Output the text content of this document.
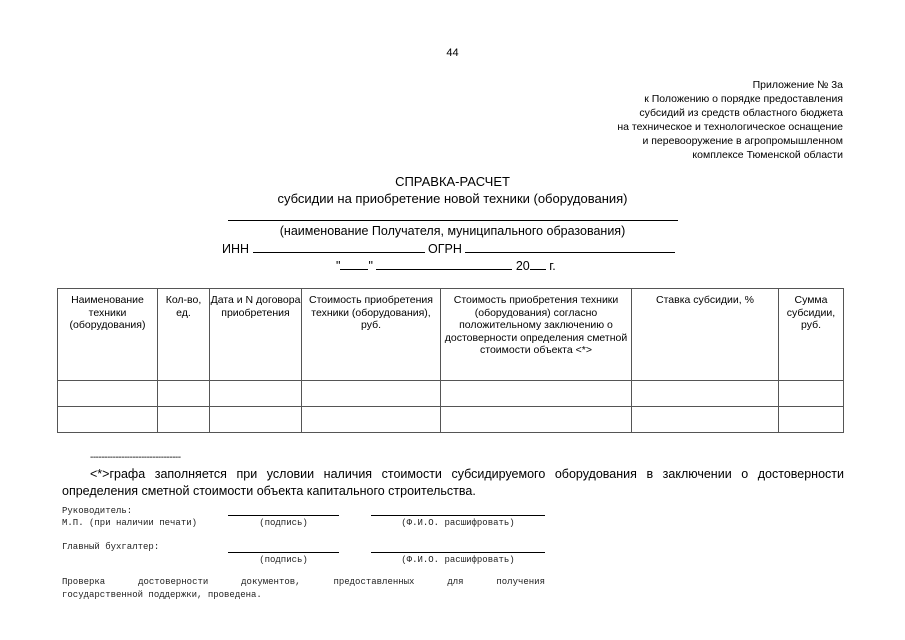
44
Приложение № 3а
к Положению о порядке предоставления
субсидий из средств областного бюджета
на техническое и технологическое оснащение
и перевооружение в агропромышленном
комплексе Тюменской области
СПРАВКА-РАСЧЕТ
субсидии на приобретение новой техники (оборудования)
(наименование Получателя, муниципального образования)
ИНН	ОГРН
" "	20 г.
Наименование техники (оборудования)	Кол-во, ед.	Дата и N договора приобретения	Стоимость приобретения техники (оборудования), руб.	Стоимость приобретения техники (оборудования) согласно положительному заключению о достоверности определения сметной стоимости объекта <*>	Ставка субсидии, %	Сумма субсидии, руб.

--------------------------------
<*>графа заполняется при условии наличия стоимости субсидируемого оборудования в заключении о достоверности определения сметной стоимости объекта капитального строительства.
Руководитель:
М.П. (при наличии печати)	(подпись)	(Ф.И.О. расшифровать)
Главный бухгалтер:
(подпись)	(Ф.И.О. расшифровать)
Проверка	достоверности	документов,	предоставленных	для	получения
государственной поддержки, проведена.
